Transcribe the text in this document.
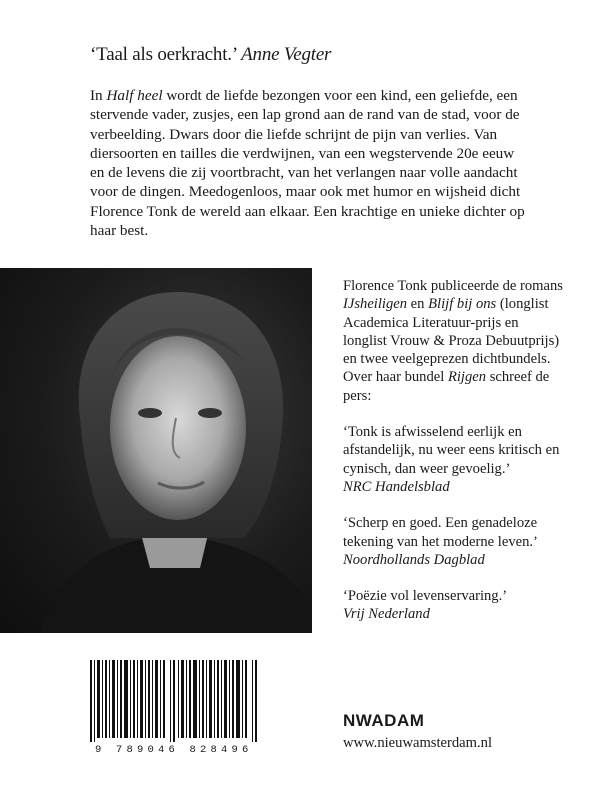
‘Taal als oerkracht.’ Anne Vegter
In Half heel wordt de liefde bezongen voor een kind, een geliefde, een stervende vader, zusjes, een lap grond aan de rand van de stad, voor de verbeelding. Dwars door die liefde schrijnt de pijn van verlies. Van diersoorten en tailles die verdwijnen, van een wegstervende 20e eeuw en de levens die zij voortbracht, van het verlangen naar volle aandacht voor de dingen. Meedogenloos, maar ook met humor en wijsheid dicht Florence Tonk de wereld aan elkaar. Een krachtige en unieke dichter op haar best.

Florence Tonk publiceerde de romans IJsheiligen en Blijf bij ons (longlist Academica Literatuur-prijs en longlist Vrouw & Proza Debuutprijs) en twee veelgeprezen dichtbundels. Over haar bundel Rijgen schreef de pers:

‘Tonk is afwisselend eerlijk en afstandelijk, nu weer eens kritisch en cynisch, dan weer gevoelig.’
NRC Handelsblad

‘Scherp en goed. Een genadeloze tekening van het moderne leven.’
Noordhollands Dagblad

‘Poëzie vol levenservaring.’
Vrij Nederland

9 789046 828496
NWADAM
www.nieuwamsterdam.nl
